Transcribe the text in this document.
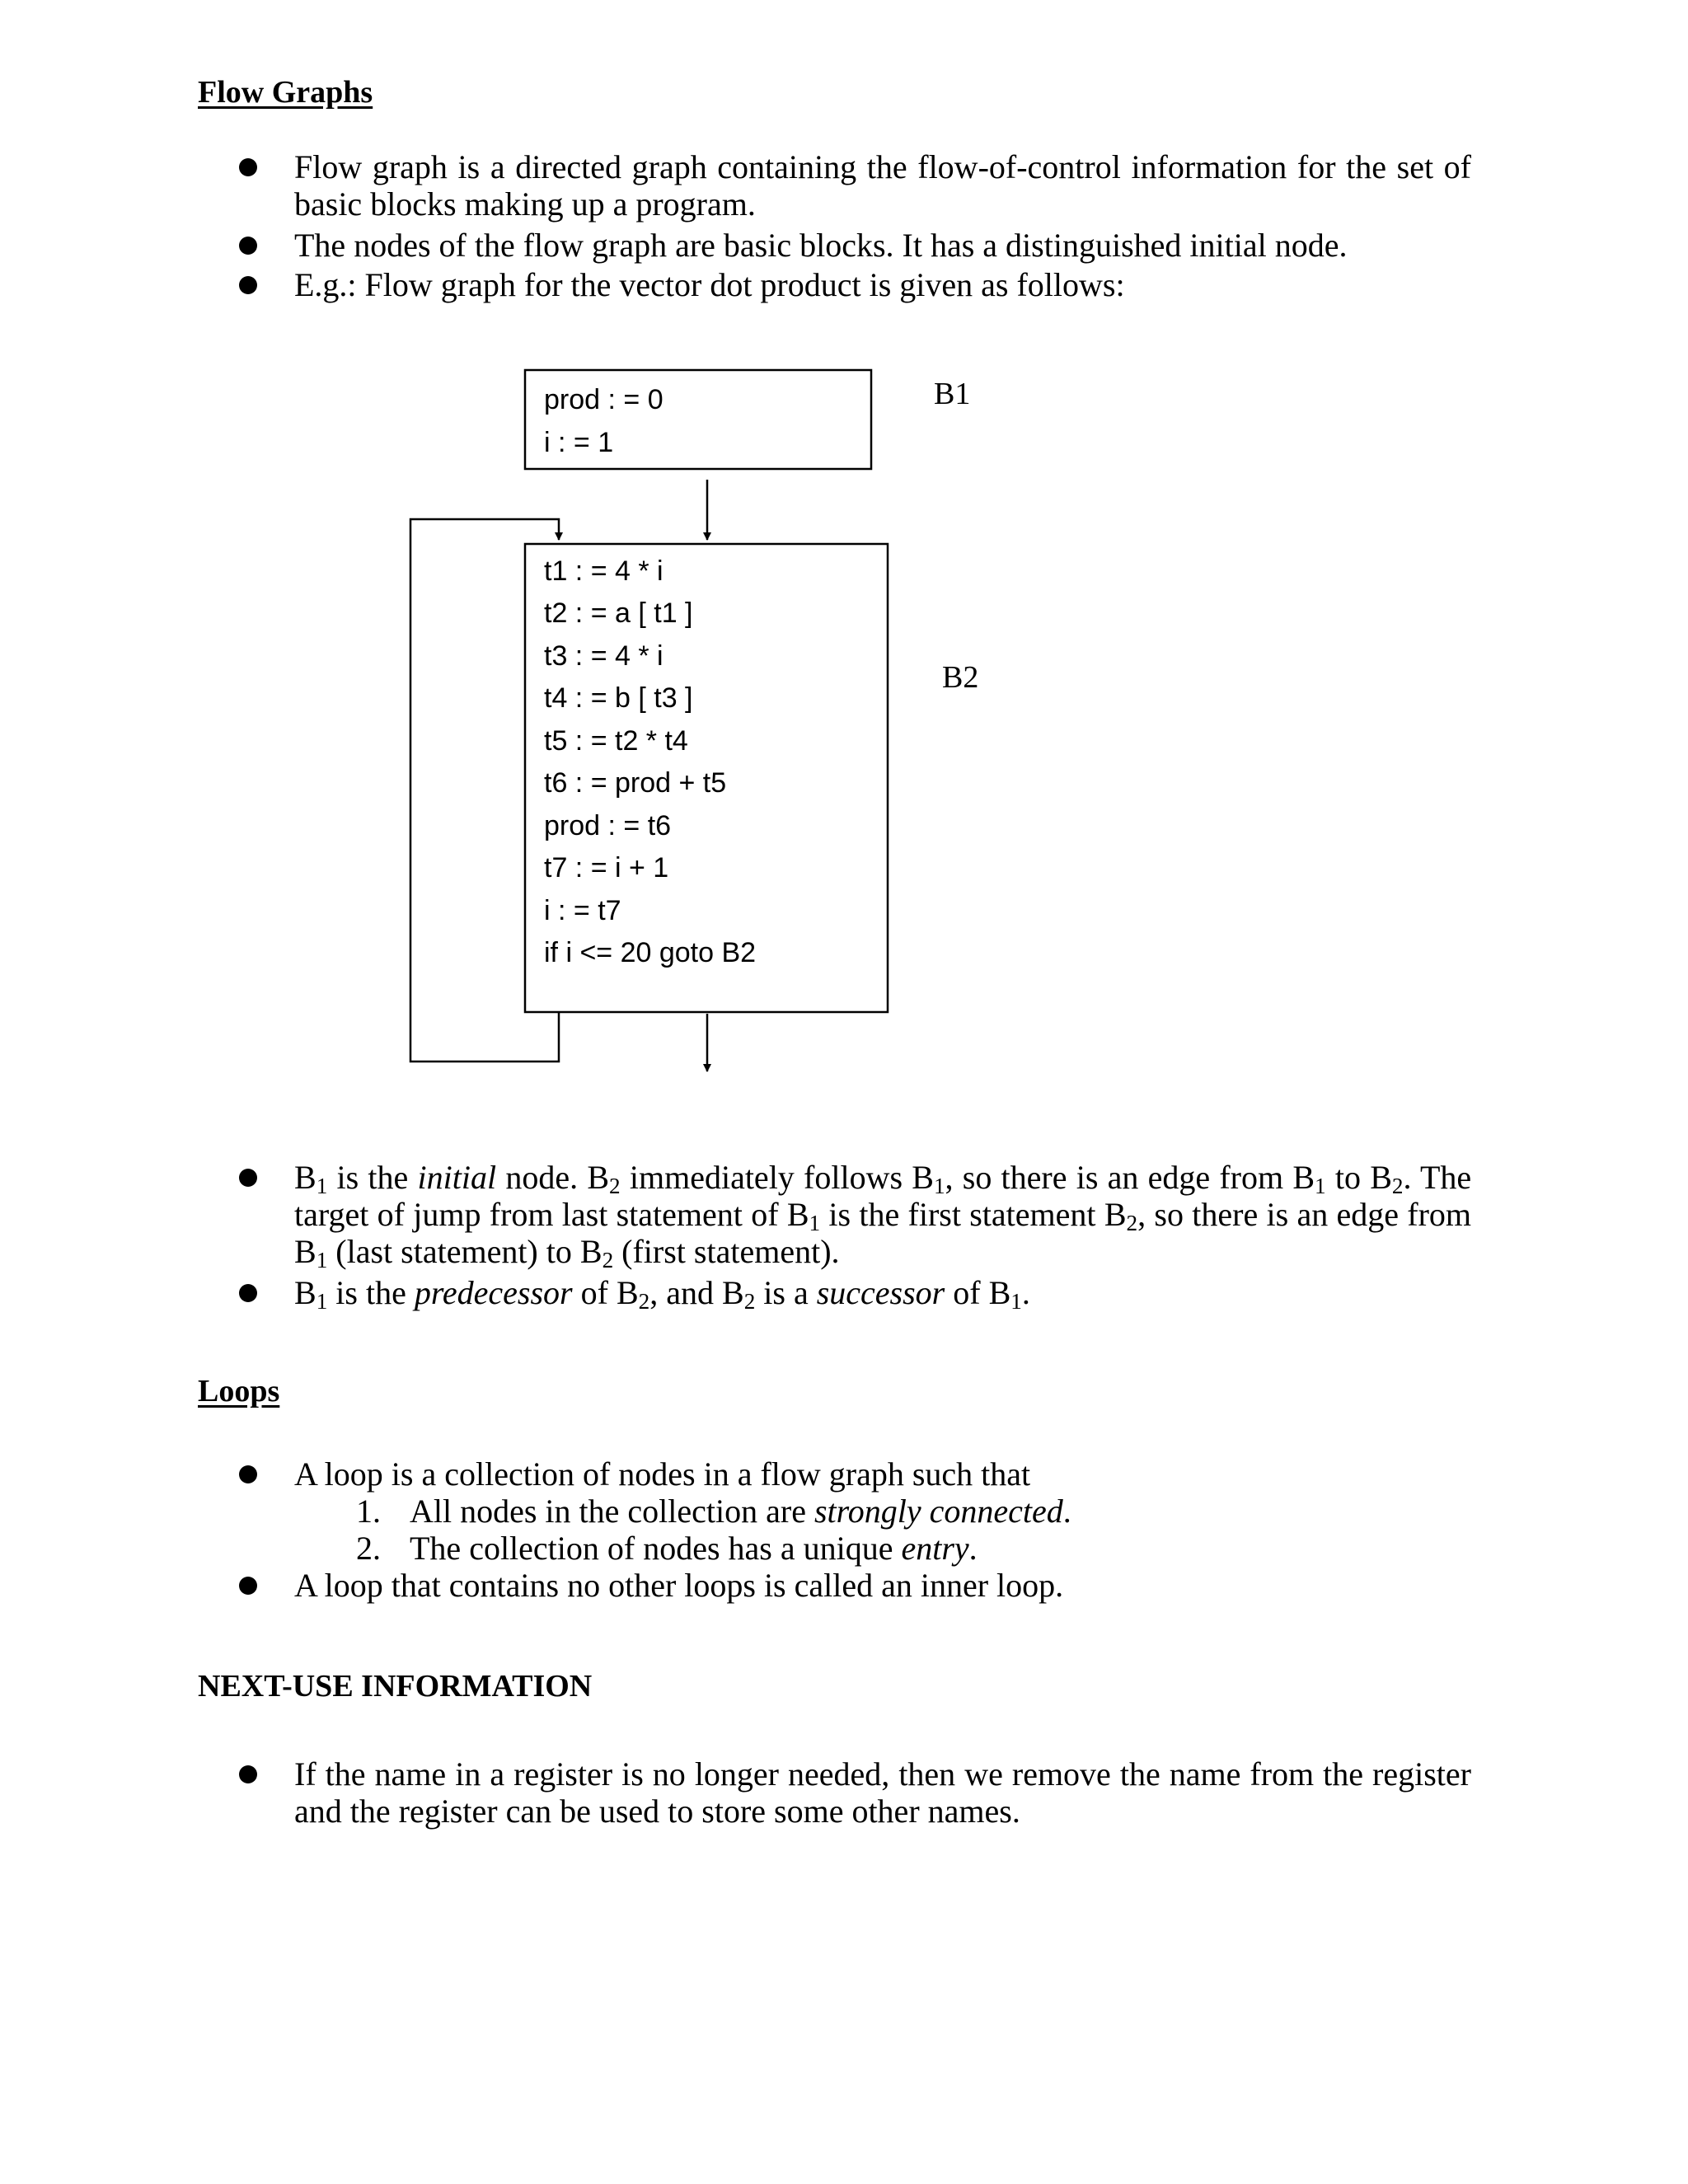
Flow Graphs

Flow graph is a directed graph containing the flow-of-control information for the set of basic blocks making up a program.

The nodes of the flow graph are basic blocks. It has a distinguished initial node.

E.g.: Flow graph for the vector dot product is given as follows:

B1
B2
prod : = 0
i : = 1
t1 : = 4 * i
t2 : = a [ t1 ]
t3 : = 4 * i
t4 : = b [ t3 ]
t5 : = t2 * t4
t6 : = prod + t5
prod : = t6
t7 : = i + 1
i : = t7
if i <= 20 goto B2

$B_1$ is the initial node. $B_2$ immediately follows $B_1$, so there is an edge from $B_1$ to $B_2$. The target of jump from last statement of $B_1$ is the first statement $B_2$, so there is an edge from $B_1$ (last statement) to $B_2$ (first statement).

$B_1$ is the predecessor of $B_2$, and $B_2$ is a successor of $B_1$.

Loops

A loop is a collection of nodes in a flow graph such that

1. All nodes in the collection are strongly connected.
2. The collection of nodes has a unique entry.

A loop that contains no other loops is called an inner loop.

NEXT-USE INFORMATION

If the name in a register is no longer needed, then we remove the name from the register and the register can be used to store some other names.
